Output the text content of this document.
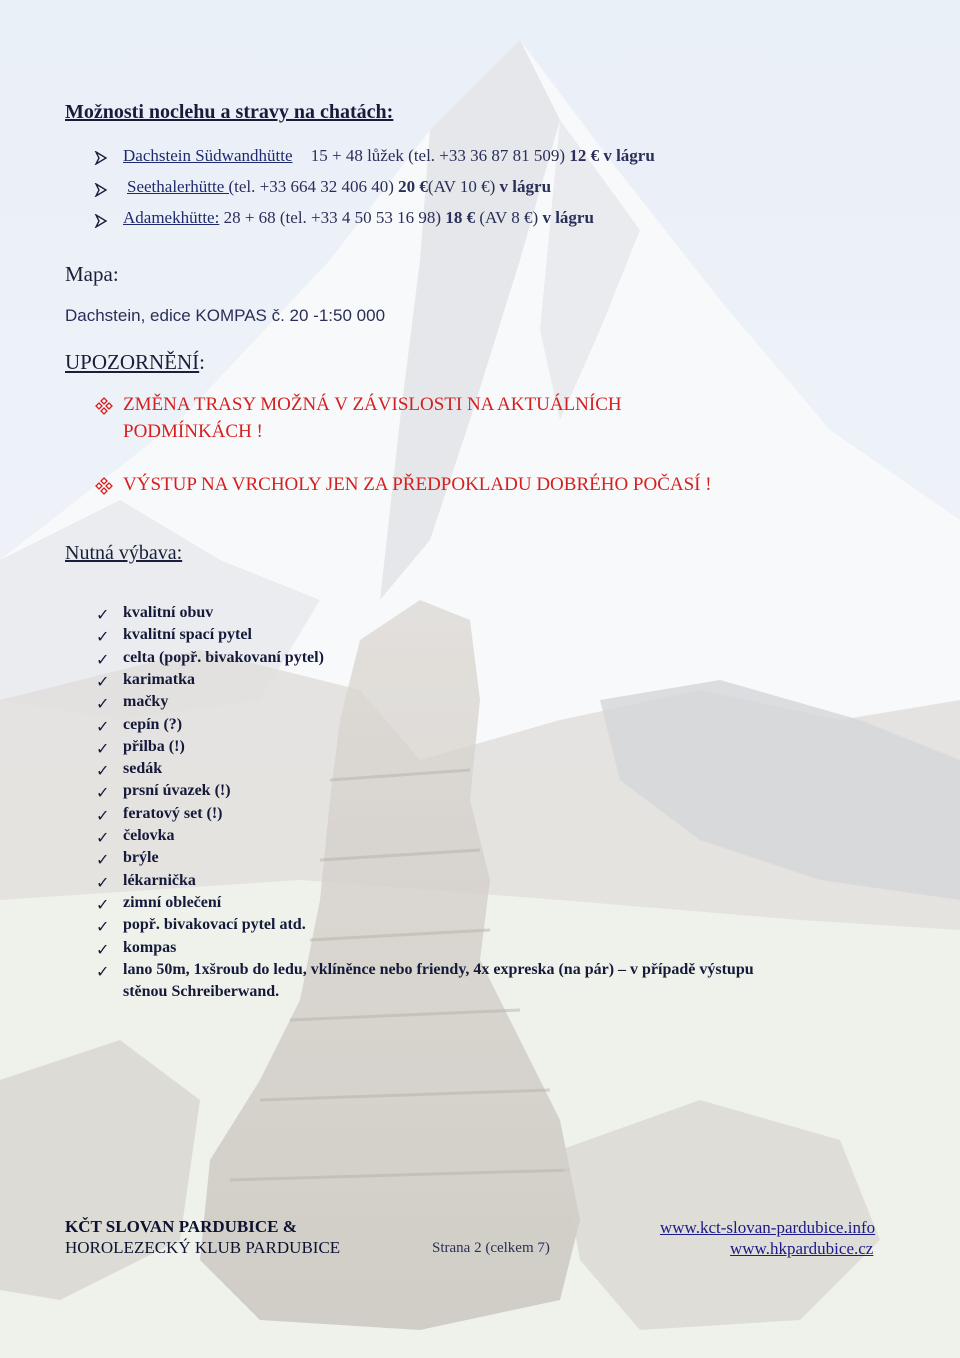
Možnosti noclehu a stravy na chatách:
Dachstein Südwandhütte 15 + 48 lůžek (tel. +33 36 87 81 509) 12 € v lágru
Seethalerhütte (tel. +33 664 32 406 40) 20 €(AV 10 €) v lágru
Adamekhütte: 28 + 68 (tel. +33 4 50 53 16 98) 18 € (AV 8 €) v lágru
Mapa:
Dachstein, edice KOMPAS č. 20 -1:50 000
UPOZORNĚNÍ:
ZMĚNA TRASY MOŽNÁ V ZÁVISLOSTI NA AKTUÁLNÍCH
PODMÍNKÁCH !
VÝSTUP NA VRCHOLY JEN ZA PŘEDPOKLADU DOBRÉHO POČASÍ !
Nutná výbava:
✓ kvalitní obuv
✓ kvalitní spací pytel
✓ celta (popř. bivakovaní pytel)
✓ karimatka
✓ mačky
✓ cepín (?)
✓ přilba (!)
✓ sedák
✓ prsní úvazek (!)
✓ feratový set (!)
✓ čelovka
✓ brýle
✓ lékarnička
✓ zimní oblečení
✓ popř. bivakovací pytel atd.
✓ kompas
✓ lano 50m, 1xšroub do ledu, vklíněnce nebo friendy, 4x expreska (na pár) – v případě výstupu
stěnou Schreiberwand.
KČT SLOVAN PARDUBICE &
HOROLEZECKÝ KLUB PARDUBICE	Strana 2 (celkem 7)
www.kct-slovan-pardubice.info
www.hkpardubice.cz
